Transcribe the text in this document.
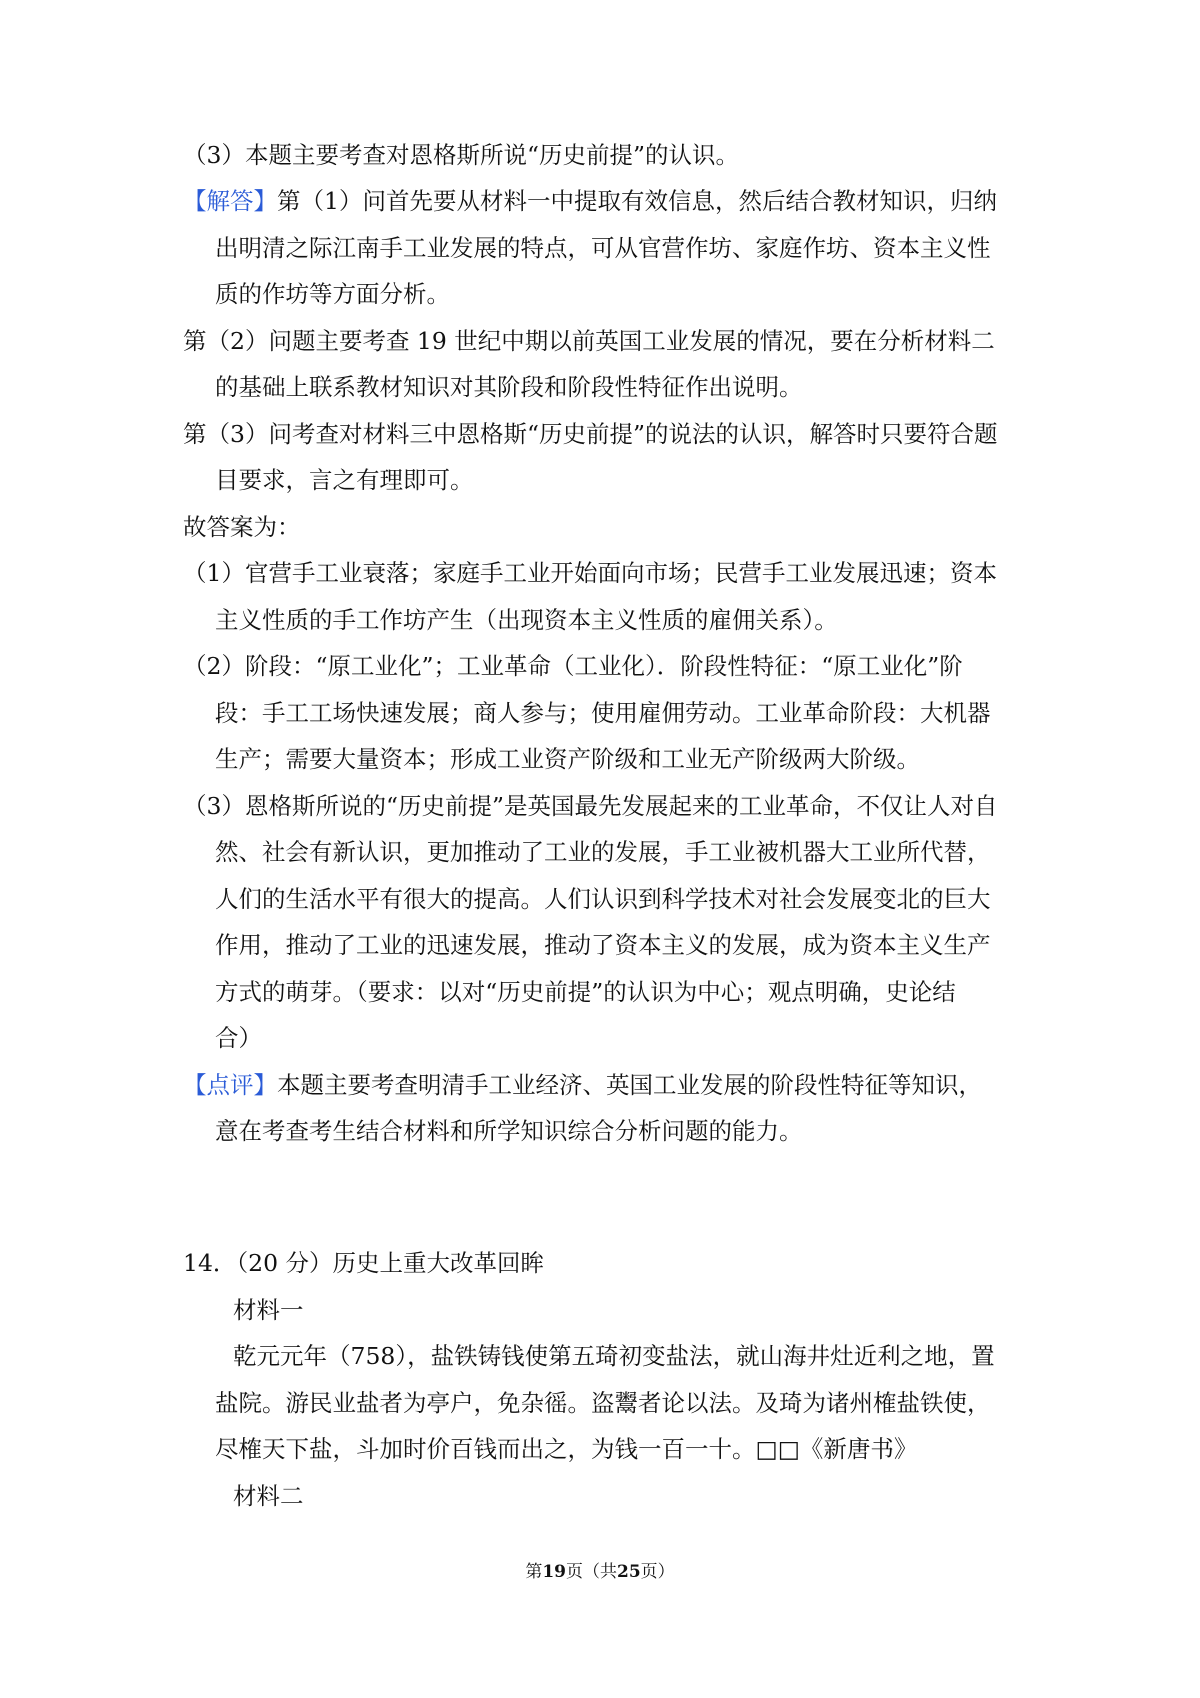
（3）本题主要考查对恩格斯所说“历史前提”的认识。
【解答】第（1）问首先要从材料一中提取有效信息，然后结合教材知识，归纳
出明清之际江南手工业发展的特点，可从官营作坊、家庭作坊、资本主义性
质的作坊等方面分析。
第（2）问题主要考查 19 世纪中期以前英国工业发展的情况，要在分析材料二
的基础上联系教材知识对其阶段和阶段性特征作出说明。
第（3）问考查对材料三中恩格斯“历史前提”的说法的认识，解答时只要符合题
目要求，言之有理即可。
故答案为：
（1）官营手工业衰落；家庭手工业开始面向市场；民营手工业发展迅速；资本
主义性质的手工作坊产生（出现资本主义性质的雇佣关系）。
（2）阶段：“原工业化”；工业革命（工业化）．阶段性特征：“原工业化”阶
段：手工工场快速发展；商人参与；使用雇佣劳动。工业革命阶段：大机器
生产；需要大量资本；形成工业资产阶级和工业无产阶级两大阶级。
（3）恩格斯所说的“历史前提”是英国最先发展起来的工业革命，不仅让人对自
然、社会有新认识，更加推动了工业的发展，手工业被机器大工业所代替，
人们的生活水平有很大的提高。人们认识到科学技术对社会发展变北的巨大
作用，推动了工业的迅速发展，推动了资本主义的发展，成为资本主义生产
方式的萌芽。（要求：以对“历史前提”的认识为中心；观点明确，史论结
合）
【点评】本题主要考查明清手工业经济、英国工业发展的阶段性特征等知识，
意在考查考生结合材料和所学知识综合分析问题的能力。
14．（20 分）历史上重大改革回眸
材料一
乾元元年（758），盐铁铸钱使第五琦初变盐法，就山海井灶近利之地，置
盐院。游民业盐者为亭户，免杂徭。盗鬻者论以法。及琦为诸州榷盐铁使，
尽榷天下盐，斗加时价百钱而出之，为钱一百一十。□□《新唐书》
材料二
第19页（共25页）
